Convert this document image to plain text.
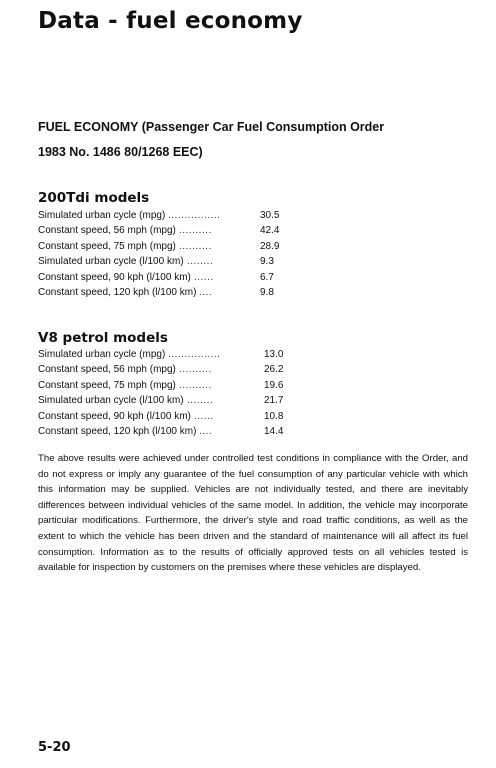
Data - fuel economy
FUEL ECONOMY (Passenger Car Fuel Consumption Order
1983 No. 1486 80/1268 EEC)
200Tdi models
Simulated urban cycle (mpg) ................	30.5
Constant speed, 56 mph (mpg) ..........	42.4
Constant speed, 75 mph (mpg) ..........	28.9
Simulated urban cycle (l/100 km) ........	9.3
Constant speed, 90 kph (l/100 km) ......	6.7
Constant speed, 120 kph (l/100 km) ....	9.8
V8 petrol models
Simulated urban cycle (mpg) ................	13.0
Constant speed, 56 mph (mpg) ..........	26.2
Constant speed, 75 mph (mpg) ..........	19.6
Simulated urban cycle (l/100 km) ........	21.7
Constant speed, 90 kph (l/100 km) ......	10.8
Constant speed, 120 kph (l/100 km) ....	14.4

The above results were achieved under controlled test conditions in compliance with the Order, and do not express or imply any guarantee of the fuel consumption of any particular vehicle with which this information may be supplied. Vehicles are not individually tested, and there are inevitably differences between individual vehicles of the same model. In addition, the vehicle may incorporate particular modifications. Furthermore, the driver's style and road traffic conditions, as well as the extent to which the vehicle has been driven and the standard of maintenance will all affect its fuel consumption. Information as to the results of officially approved tests on all vehicles tested is available for inspection by customers on the premises where these vehicles are displayed.

5-20
